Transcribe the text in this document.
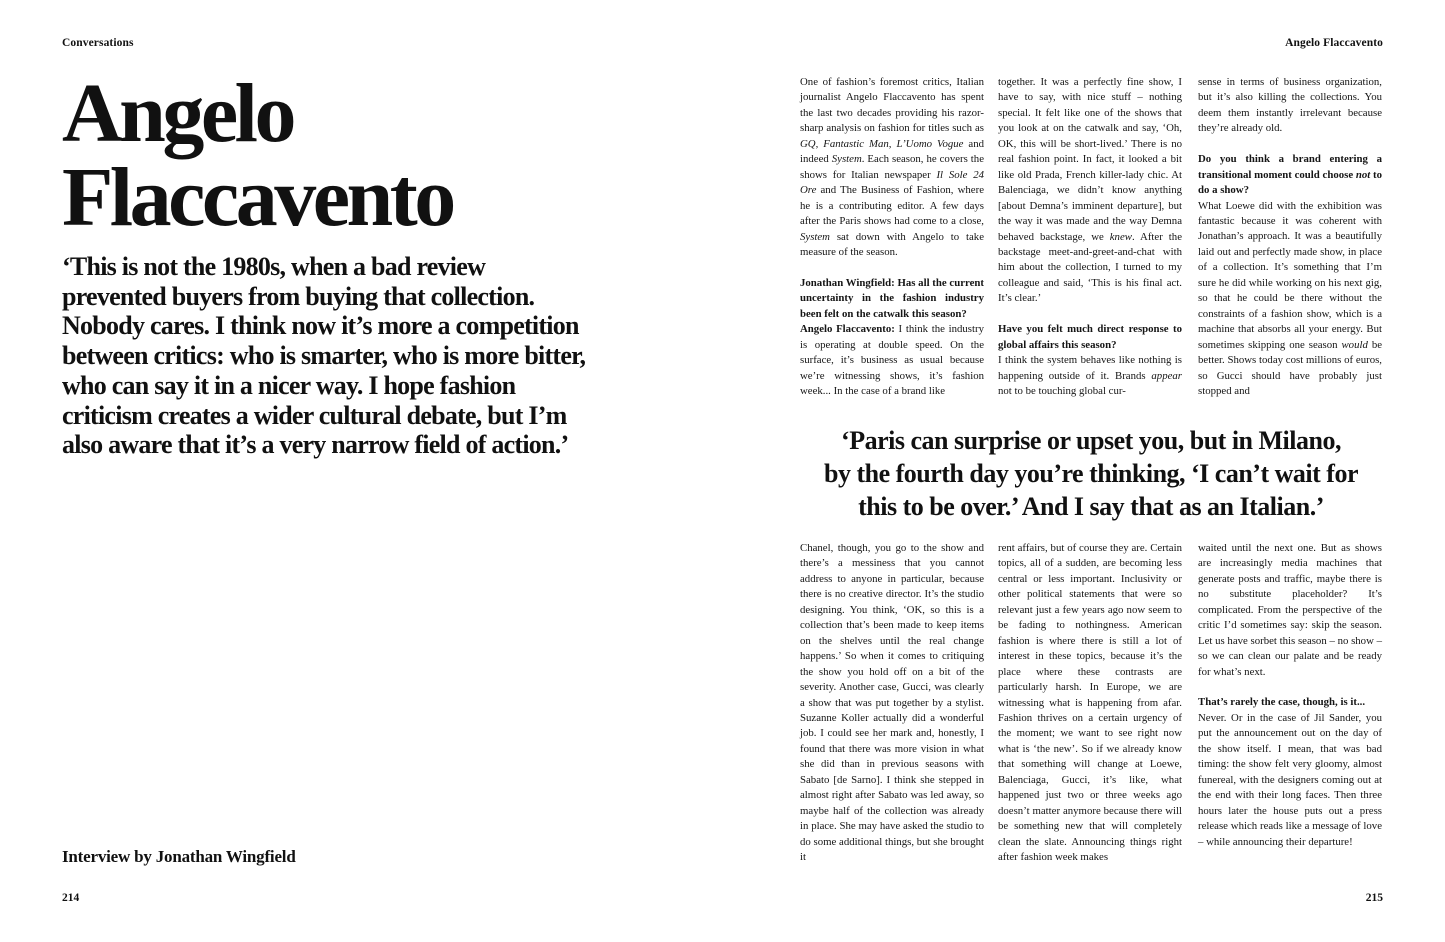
Conversations
Angelo
Flaccavento
‘This is not the 1980s, when a bad review
prevented buyers from buying that collection.
Nobody cares. I think now it’s more a competition
between critics: who is smarter, who is more bitter,
who can say it in a nicer way. I hope fashion
criticism creates a wider cultural debate, but I’m
also aware that it’s a very narrow field of action.’
Interview by Jonathan Wingfield
214
Angelo Flaccavento

One of fashion’s foremost critics, Italian journalist Angelo Flaccavento has spent the last two decades providing his razor-sharp analysis on fashion for titles such as GQ, Fantastic Man, L’Uomo Vogue and indeed System. Each season, he covers the shows for Italian newspaper Il Sole 24 Ore and The Business of Fashion, where he is a contributing editor. A few days after the Paris shows had come to a close, System sat down with Angelo to take measure of the season.

Jonathan Wingfield: Has all the current uncertainty in the fashion industry been felt on the catwalk this season?

Angelo Flaccavento: I think the industry is operating at double speed. On the surface, it’s business as usual because we’re witnessing shows, it’s fashion week... In the case of a brand like

together. It was a perfectly fine show, I have to say, with nice stuff – nothing special. It felt like one of the shows that you look at on the catwalk and say, ‘Oh, OK, this will be short-lived.’ There is no real fashion point. In fact, it looked a bit like old Prada, French killer-lady chic. At Balenciaga, we didn’t know anything [about Demna’s imminent departure], but the way it was made and the way Demna behaved backstage, we knew. After the backstage meet-and-greet-and-chat with him about the collection, I turned to my colleague and said, ‘This is his final act. It’s clear.’

Have you felt much direct response to global affairs this season?

I think the system behaves like nothing is happening outside of it. Brands appear not to be touching global cur-

sense in terms of business organization, but it’s also killing the collections. You deem them instantly irrelevant because they’re already old.

Do you think a brand entering a transitional moment could choose not to do a show?

What Loewe did with the exhibition was fantastic because it was coherent with Jonathan’s approach. It was a beautifully laid out and perfectly made show, in place of a collection. It’s something that I’m sure he did while working on his next gig, so that he could be there without the constraints of a fashion show, which is a machine that absorbs all your energy. But sometimes skipping one season would be better. Shows today cost millions of euros, so Gucci should have probably just stopped and

‘Paris can surprise or upset you, but in Milano,
by the fourth day you’re thinking, ‘I can’t wait for
this to be over.’ And I say that as an Italian.’

Chanel, though, you go to the show and there’s a messiness that you cannot address to anyone in particular, because there is no creative director. It’s the studio designing. You think, ‘OK, so this is a collection that’s been made to keep items on the shelves until the real change happens.’ So when it comes to critiquing the show you hold off on a bit of the severity. Another case, Gucci, was clearly a show that was put together by a stylist. Suzanne Koller actually did a wonderful job. I could see her mark and, honestly, I found that there was more vision in what she did than in previous seasons with Sabato [de Sarno]. I think she stepped in almost right after Sabato was led away, so maybe half of the collection was already in place. She may have asked the studio to do some additional things, but she brought it

rent affairs, but of course they are. Certain topics, all of a sudden, are becoming less central or less important. Inclusivity or other political statements that were so relevant just a few years ago now seem to be fading to nothingness. American fashion is where there is still a lot of interest in these topics, because it’s the place where these contrasts are particularly harsh. In Europe, we are witnessing what is happening from afar. Fashion thrives on a certain urgency of the moment; we want to see right now what is ‘the new’. So if we already know that something will change at Loewe, Balenciaga, Gucci, it’s like, what happened just two or three weeks ago doesn’t matter anymore because there will be something new that will completely clean the slate. Announcing things right after fashion week makes

waited until the next one. But as shows are increasingly media machines that generate posts and traffic, maybe there is no substitute placeholder? It’s complicated. From the perspective of the critic I’d sometimes say: skip the season. Let us have sorbet this season – no show – so we can clean our palate and be ready for what’s next.

That’s rarely the case, though, is it...

Never. Or in the case of Jil Sander, you put the announcement out on the day of the show itself. I mean, that was bad timing: the show felt very gloomy, almost funereal, with the designers coming out at the end with their long faces. Then three hours later the house puts out a press release which reads like a message of love – while announcing their departure!

215
